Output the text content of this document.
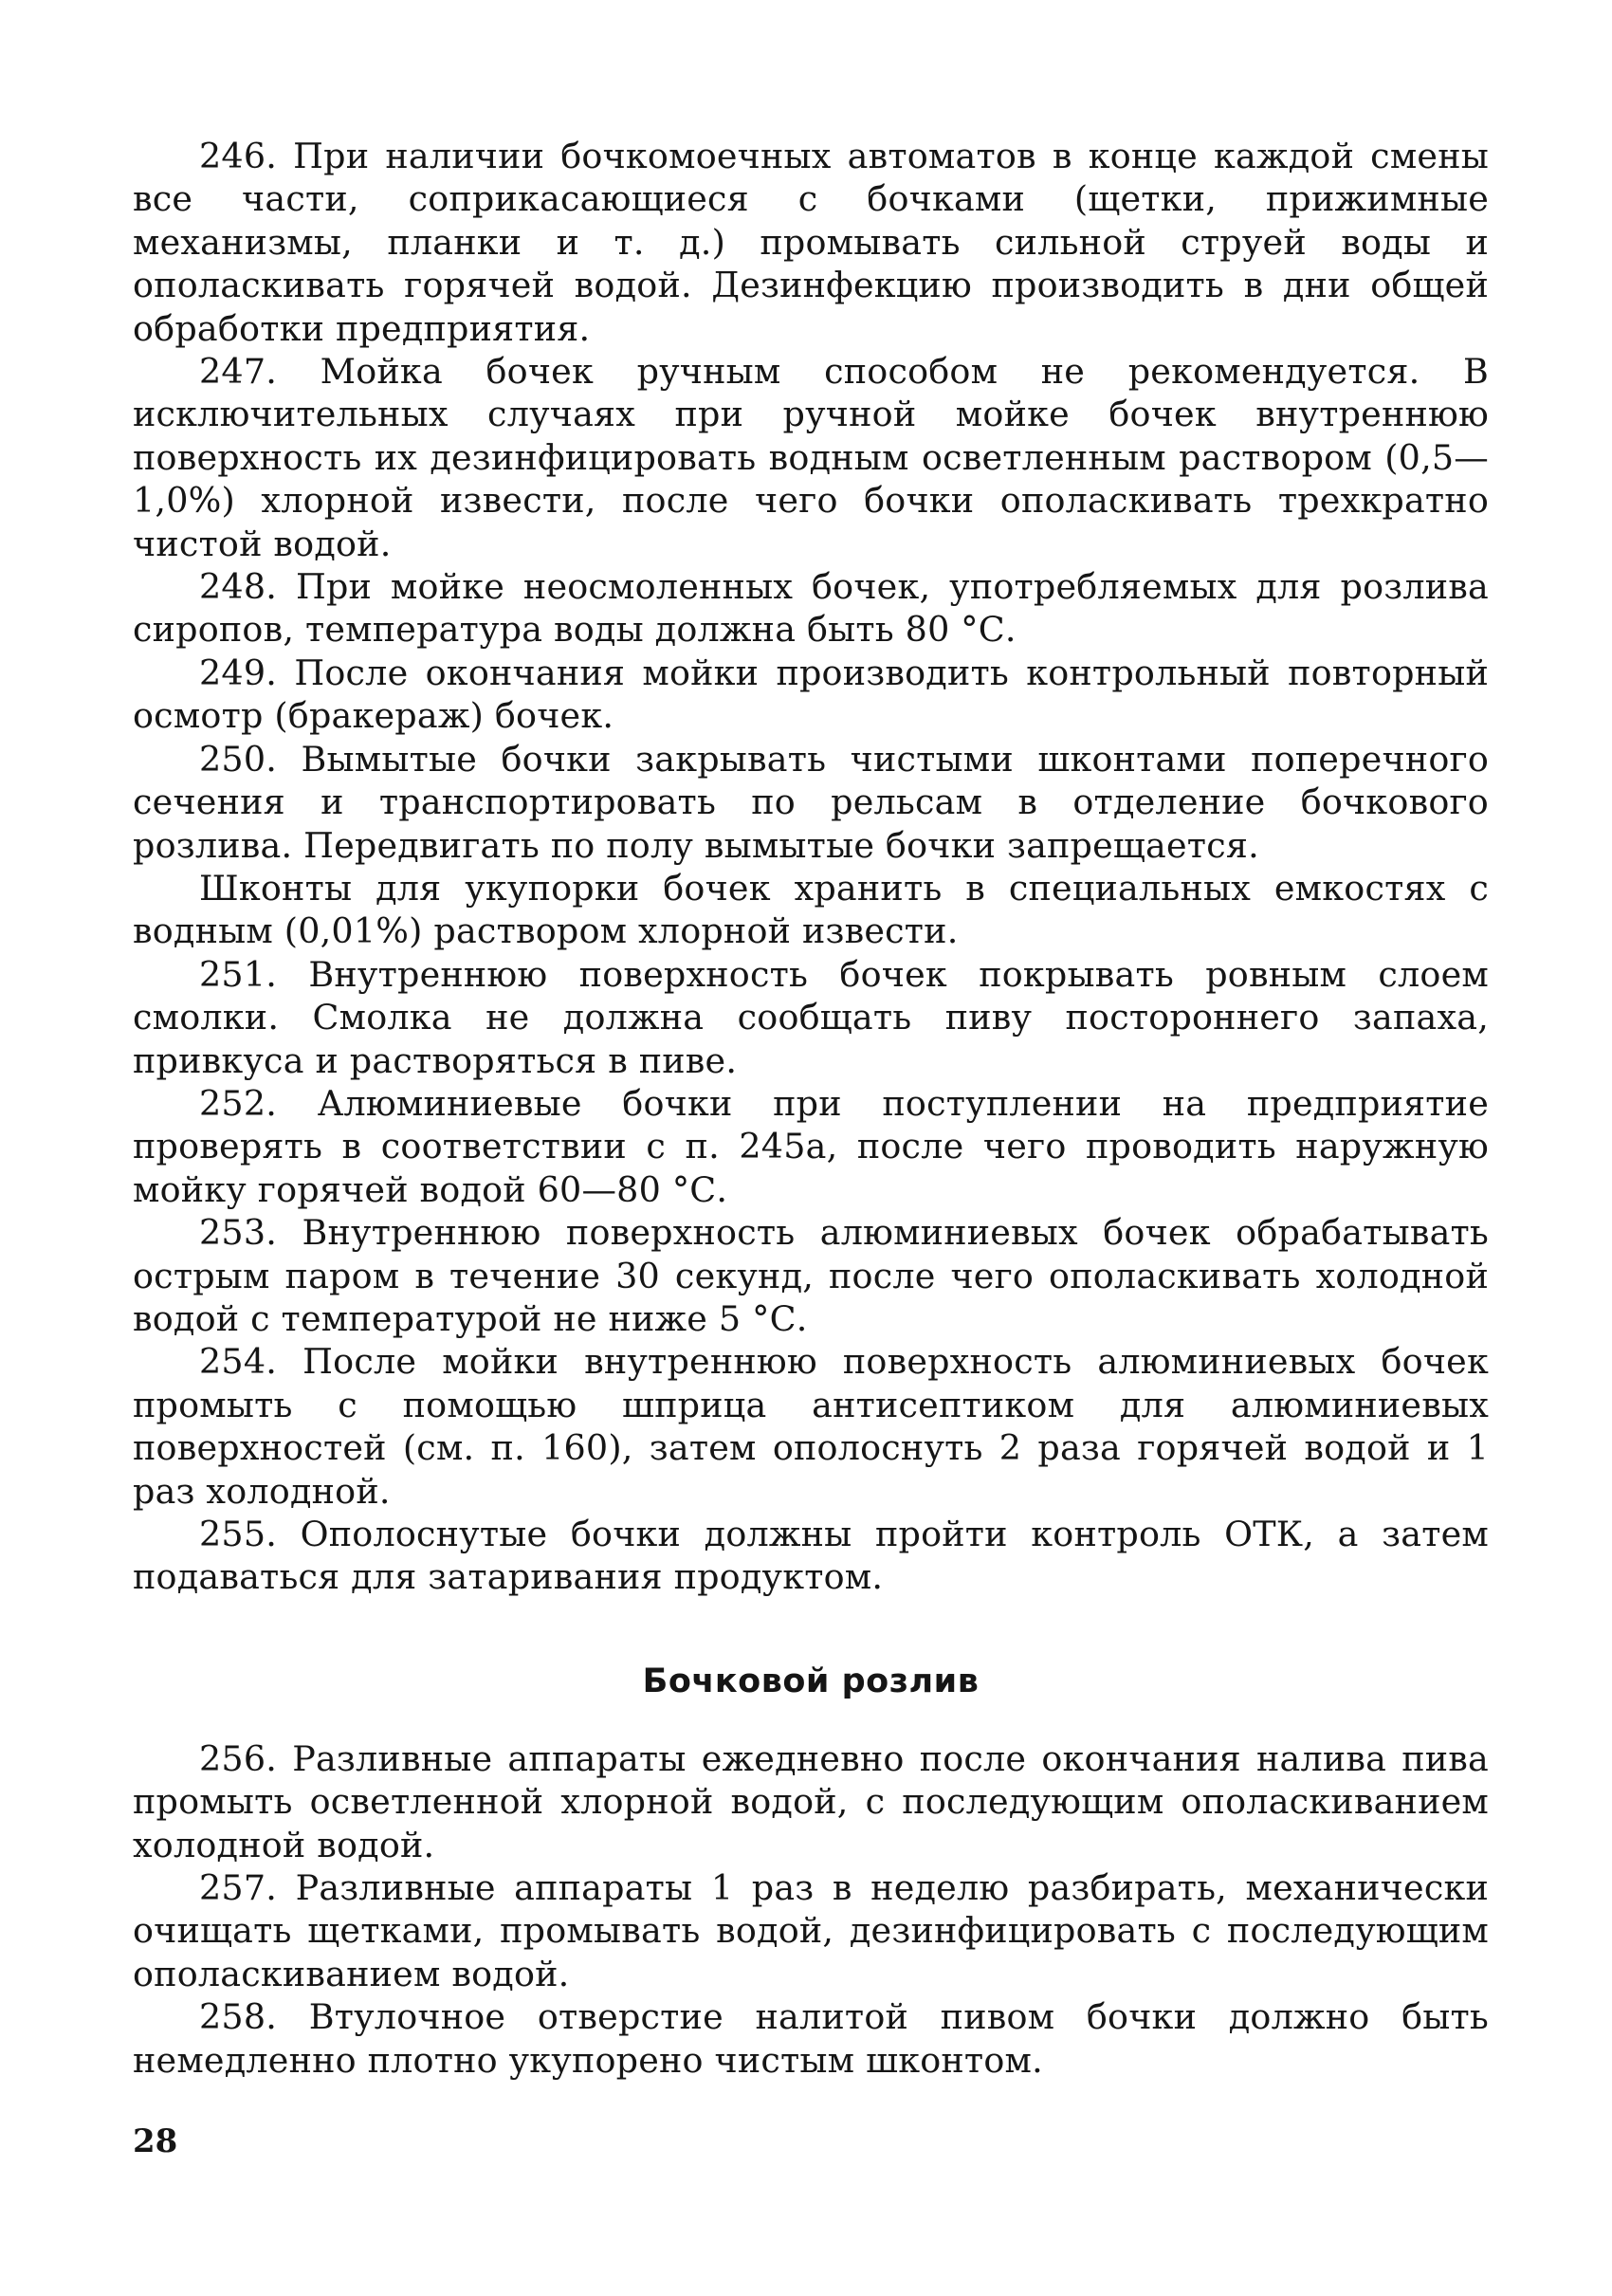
246. При наличии бочкомоечных автоматов в конце каждой смены все части, соприкасающиеся с бочками (щетки, прижимные механизмы, планки и т. д.) промывать сильной струей воды и ополаскивать горячей водой. Дезинфекцию производить в дни общей обработки предприятия.

247. Мойка бочек ручным способом не рекомендуется. В исключительных случаях при ручной мойке бочек внутреннюю поверхность их дезинфицировать водным осветленным раствором (0,5—1,0%) хлорной извести, после чего бочки ополаскивать трехкратно чистой водой.

248. При мойке неосмоленных бочек, употребляемых для розлива сиропов, температура воды должна быть 80 °С.

249. После окончания мойки производить контрольный повторный осмотр (бракераж) бочек.

250. Вымытые бочки закрывать чистыми шконтами поперечного сечения и транспортировать по рельсам в отделение бочкового розлива. Передвигать по полу вымытые бочки запрещается.

Шконты для укупорки бочек хранить в специальных емкостях с водным (0,01%) раствором хлорной извести.

251. Внутреннюю поверхность бочек покрывать ровным слоем смолки. Смолка не должна сообщать пиву постороннего запаха, привкуса и растворяться в пиве.

252. Алюминиевые бочки при поступлении на предприятие проверять в соответствии с п. 245а, после чего проводить наружную мойку горячей водой 60—80 °С.

253. Внутреннюю поверхность алюминиевых бочек обрабатывать острым паром в течение 30 секунд, после чего ополаскивать холодной водой с температурой не ниже 5 °С.

254. После мойки внутреннюю поверхность алюминиевых бочек промыть с помощью шприца антисептиком для алюминиевых поверхностей (см. п. 160), затем ополоснуть 2 раза горячей водой и 1 раз холодной.

255. Ополоснутые бочки должны пройти контроль ОТК, а затем подаваться для затаривания продуктом.

Бочковой розлив

256. Разливные аппараты ежедневно после окончания налива пива промыть осветленной хлорной водой, с последующим ополаскиванием холодной водой.

257. Разливные аппараты 1 раз в неделю разбирать, механически очищать щетками, промывать водой, дезинфицировать с последующим ополаскиванием водой.

258. Втулочное отверстие налитой пивом бочки должно быть немедленно плотно укупорено чистым шконтом.

28
